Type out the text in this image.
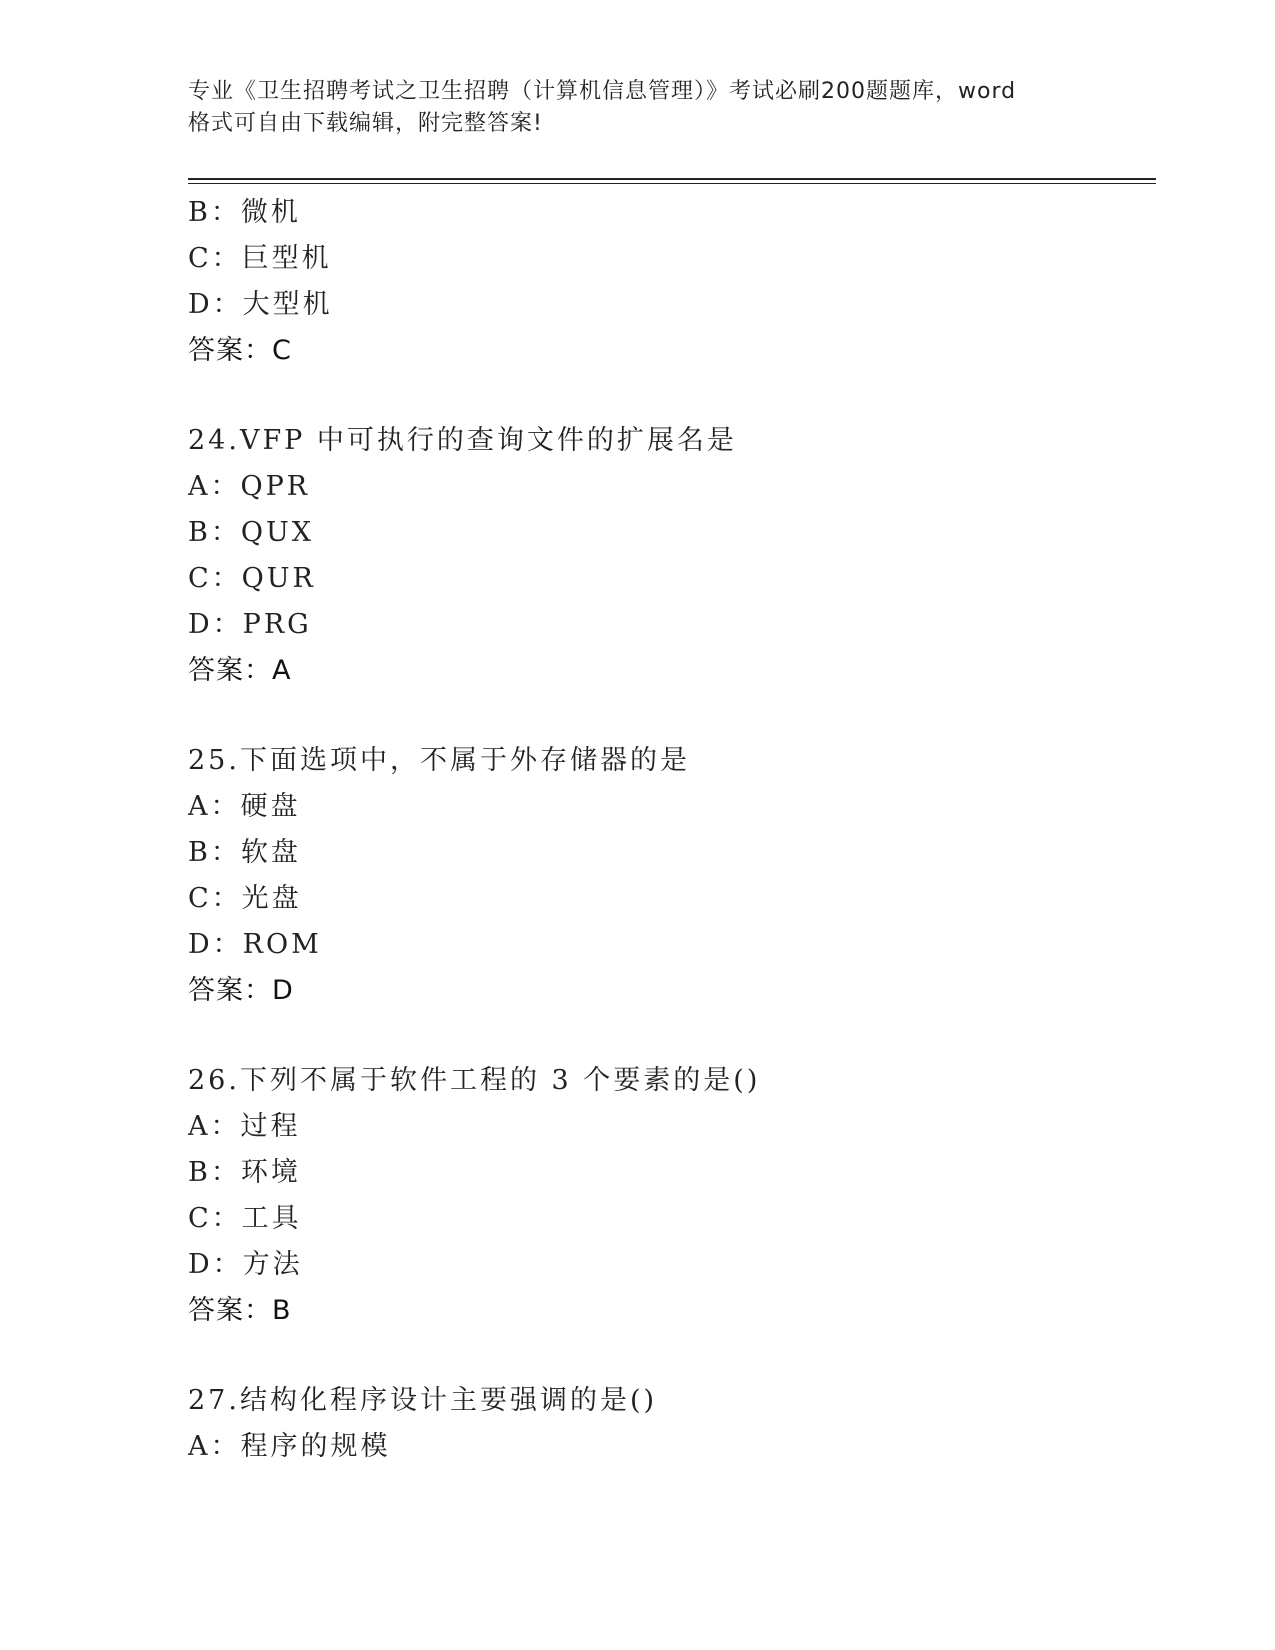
专业《卫生招聘考试之卫生招聘（计算机信息管理）》考试必刷200题题库，word
格式可自由下载编辑，附完整答案!
B：微机
C：巨型机
D：大型机
答案：C
24.VFP 中可执行的查询文件的扩展名是
A：QPR
B：QUX
C：QUR
D：PRG
答案：A
25.下面选项中，不属于外存储器的是
A：硬盘
B：软盘
C：光盘
D：ROM
答案：D
26.下列不属于软件工程的 3 个要素的是()
A：过程
B：环境
C：工具
D：方法
答案：B
27.结构化程序设计主要强调的是()
A：程序的规模
